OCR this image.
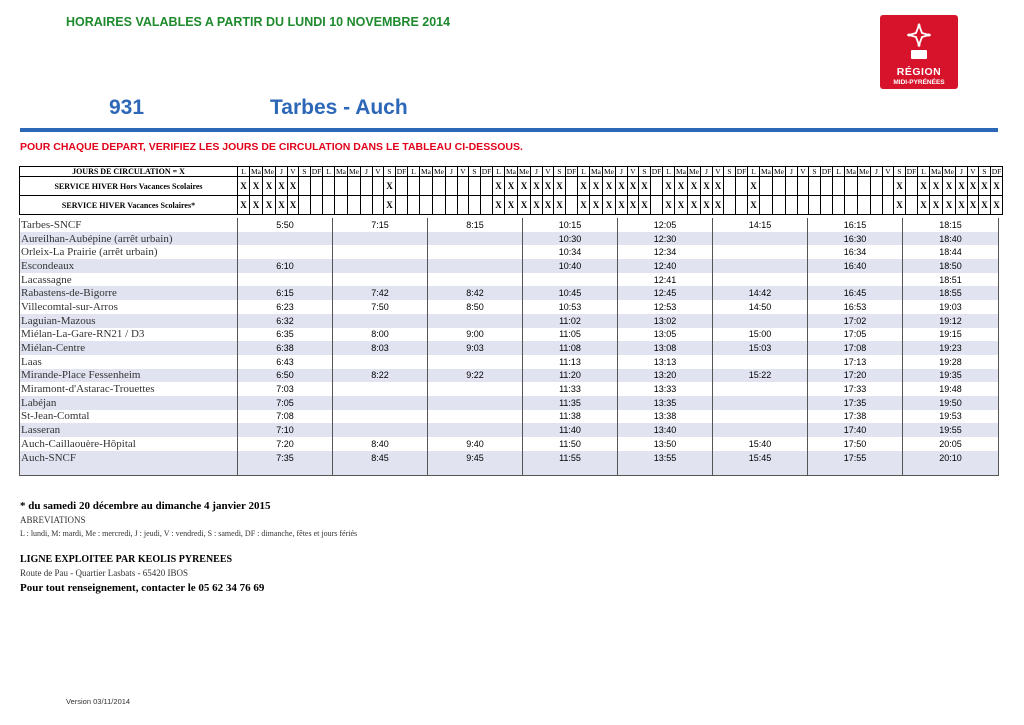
HORAIRES VALABLES A PARTIR DU LUNDI 10 NOVEMBRE 2014
RÉGION
MIDI-PYRÉNÉES
931	Tarbes - Auch
POUR CHAQUE DEPART, VERIFIEZ LES JOURS DE CIRCULATION DANS LE TABLEAU CI-DESSOUS.
JOURS DE CIRCULATION = X	L	Ma	Me	J	V	S	DF	L	Ma	Me	J	V	S	DF	L	Ma	Me	J	V	S	DF	L	Ma	Me	J	V	S	DF	L	Ma	Me	J	V	S	DF	L	Ma	Me	J	V	S	DF	L	Ma	Me	J	V	S	DF	L	Ma	Me	J	V	S	DF	L	Ma	Me	J	V	S	DF
SERVICE HIVER Hors Vacances Scolaires	X	X	X	X	X								X									X	X	X	X	X	X		X	X	X	X	X	X		X	X	X	X	X			X												X		X	X	X	X	X	X	X
SERVICE HIVER Vacances Scolaires*	X	X	X	X	X								X									X	X	X	X	X	X		X	X	X	X	X	X		X	X	X	X	X			X												X		X	X	X	X	X	X	X
Tarbes-SNCF	5:50	7:15	8:15	10:15	12:05	14:15	16:15	18:15
Aureilhan-Aubépine (arrêt urbain)				10:30	12:30		16:30	18:40
Orleix-La Prairie (arrêt urbain)				10:34	12:34		16:34	18:44
Escondeaux	6:10			10:40	12:40		16:40	18:50
Lacassagne					12:41			18:51
Rabastens-de-Bigorre	6:15	7:42	8:42	10:45	12:45	14:42	16:45	18:55
Villecomtal-sur-Arros	6:23	7:50	8:50	10:53	12:53	14:50	16:53	19:03
Laguian-Mazous	6:32			11:02	13:02		17:02	19:12
Miélan-La-Gare-RN21 / D3	6:35	8:00	9:00	11:05	13:05	15:00	17:05	19:15
Miélan-Centre	6:38	8:03	9:03	11:08	13:08	15:03	17:08	19:23
Laas	6:43			11:13	13:13		17:13	19:28
Mirande-Place Fessenheim	6:50	8:22	9:22	11:20	13:20	15:22	17:20	19:35
Miramont-d'Astarac-Trouettes	7:03			11:33	13:33		17:33	19:48
Labéjan	7:05			11:35	13:35		17:35	19:50
St-Jean-Comtal	7:08			11:38	13:38		17:38	19:53
Lasseran	7:10			11:40	13:40		17:40	19:55
Auch-Caillaouère-Hôpital	7:20	8:40	9:40	11:50	13:50	15:40	17:50	20:05
Auch-SNCF	7:35	8:45	9:45	11:55	13:55	15:45	17:55	20:10

* du samedi 20 décembre au dimanche 4 janvier 2015
ABREVIATIONS
L : lundi, M: mardi, Me : mercredi, J : jeudi, V : vendredi, S : samedi, DF : dimanche, fêtes et jours fériés
LIGNE EXPLOITEE PAR KEOLIS PYRENEES
Route de Pau - Quartier Lasbats - 65420 IBOS
Pour tout renseignement, contacter le 05 62 34 76 69
Version 03/11/2014
